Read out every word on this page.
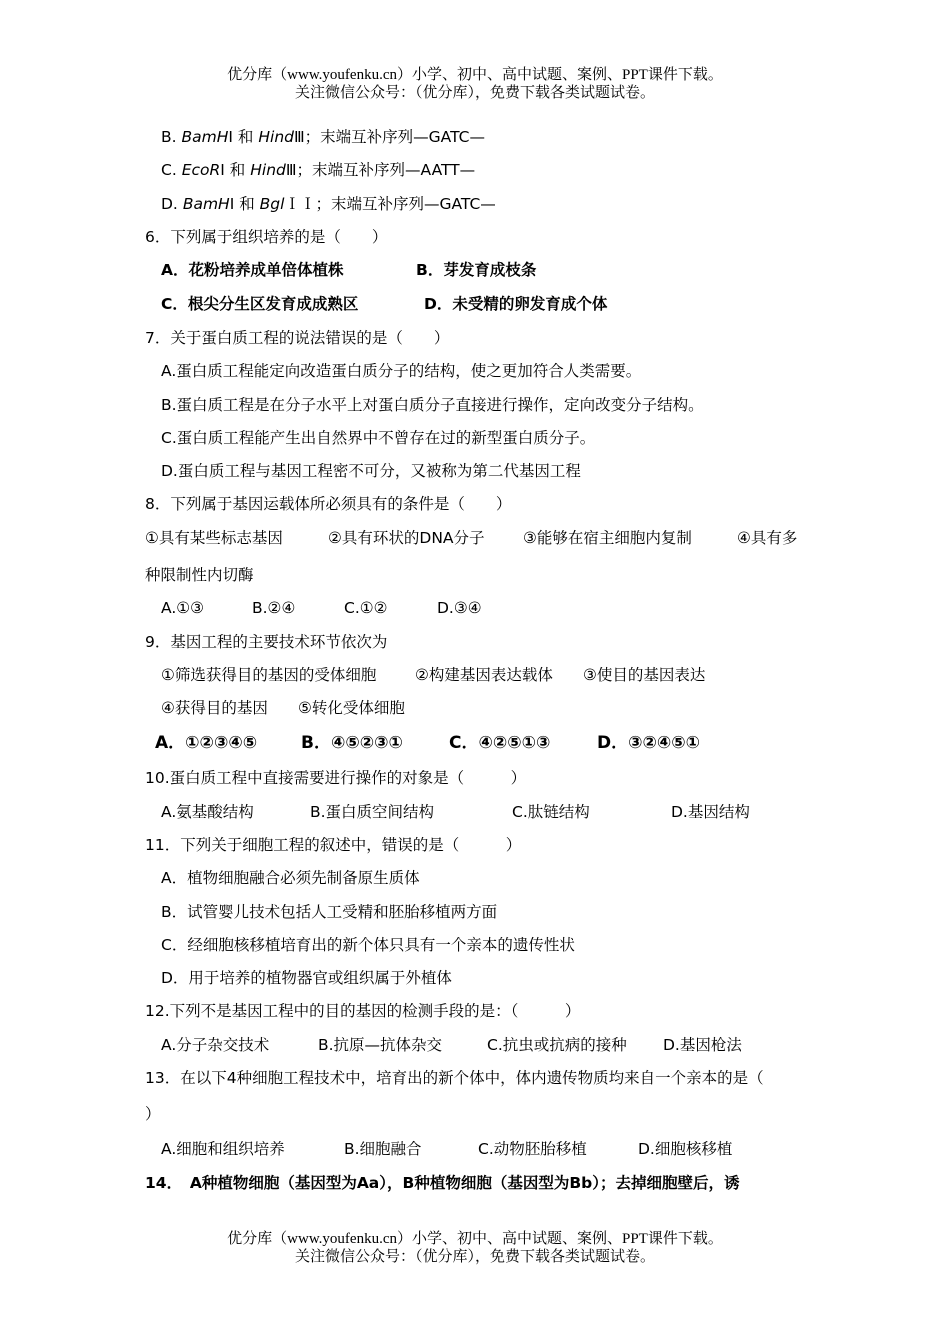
优分库（www.youfenku.cn）小学、初中、高中试题、案例、PPT课件下载。
关注微信公众号：（优分库），免费下载各类试题试卷。
B. BamHⅠ 和 HindⅢ；末端互补序列—GATC—
C. EcoRⅠ 和 HindⅢ；末端互补序列—AATT—
D. BamHⅠ 和 BglＩＩ；末端互补序列—GATC—
6．下列属于组织培养的是（　　）
A．花粉培养成单倍体植株	B．芽发育成枝条
C．根尖分生区发育成成熟区	D．未受精的卵发育成个体
7．关于蛋白质工程的说法错误的是（　　）
A.蛋白质工程能定向改造蛋白质分子的结构，使之更加符合人类需要。
B.蛋白质工程是在分子水平上对蛋白质分子直接进行操作，定向改变分子结构。
C.蛋白质工程能产生出自然界中不曾存在过的新型蛋白质分子。
D.蛋白质工程与基因工程密不可分，又被称为第二代基因工程
8．下列属于基因运载体所必须具有的条件是（　　）
①具有某些标志基因	②具有环状的DNA分子 ③能够在宿主细胞内复制	④具有多
种限制性内切酶
A.①③	B.②④	C.①②	D.③④
9．基因工程的主要技术环节依次为
①筛选获得目的基因的受体细胞 ②构建基因表达载体 ③使目的基因表达
④获得目的基因 ⑤转化受体细胞
A．①②③④⑤	B．④⑤②③①	C．④②⑤①③	D．③②④⑤①
10.蛋白质工程中直接需要进行操作的对象是（　　　）
A.氨基酸结构	B.蛋白质空间结构	C.肽链结构	D.基因结构
11．下列关于细胞工程的叙述中，错误的是（　　　）
A．植物细胞融合必须先制备原生质体
B．试管婴儿技术包括人工受精和胚胎移植两方面
C．经细胞核移植培育出的新个体只具有一个亲本的遗传性状
D．用于培养的植物器官或组织属于外植体
12.下列不是基因工程中的目的基因的检测手段的是：（　　　）
A.分子杂交技术	B.抗原—抗体杂交	C.抗虫或抗病的接种 D.基因枪法
13．在以下4种细胞工程技术中，培育出的新个体中，体内遗传物质均来自一个亲本的是（
）
A.细胞和组织培养	B.细胞融合	C.动物胚胎移植	D.细胞核移植
14．　A种植物细胞（基因型为Aa），B种植物细胞（基因型为Bb）；去掉细胞壁后，诱
优分库（www.youfenku.cn）小学、初中、高中试题、案例、PPT课件下载。
关注微信公众号：（优分库），免费下载各类试题试卷。
